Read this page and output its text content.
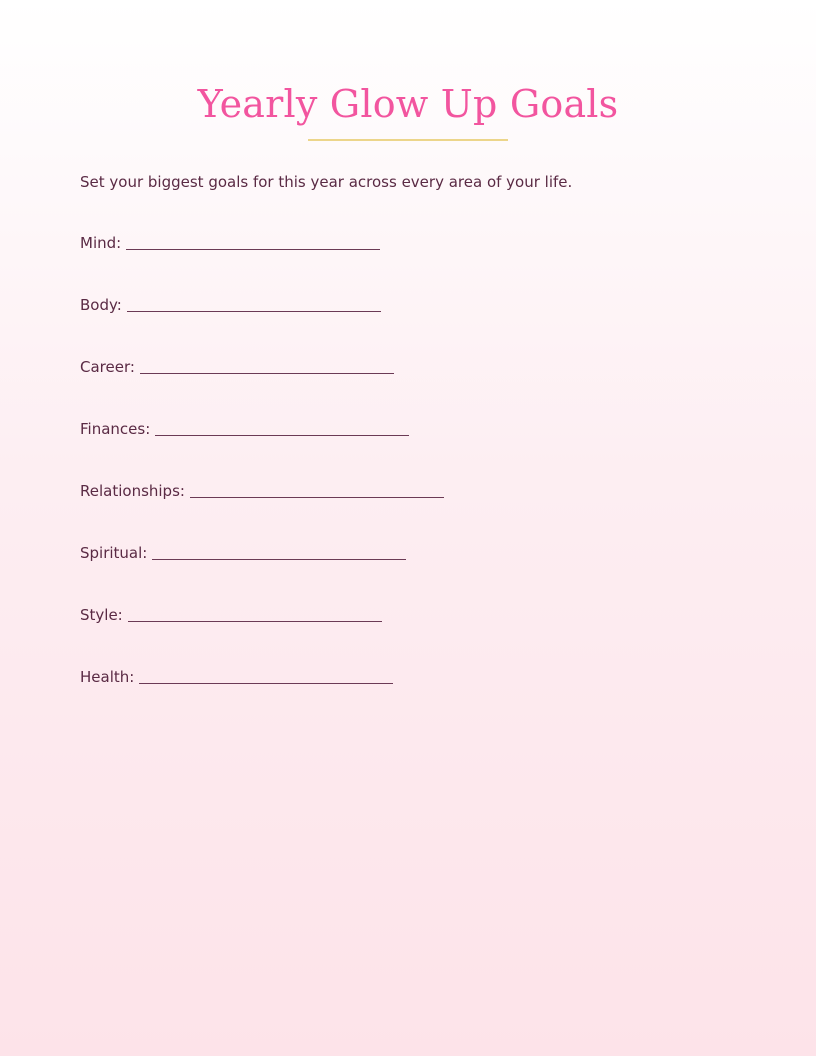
Yearly Glow Up Goals

Set your biggest goals for this year across every area of your life.

Mind:
Body:
Career:
Finances:
Relationships:
Spiritual:
Style:
Health:
